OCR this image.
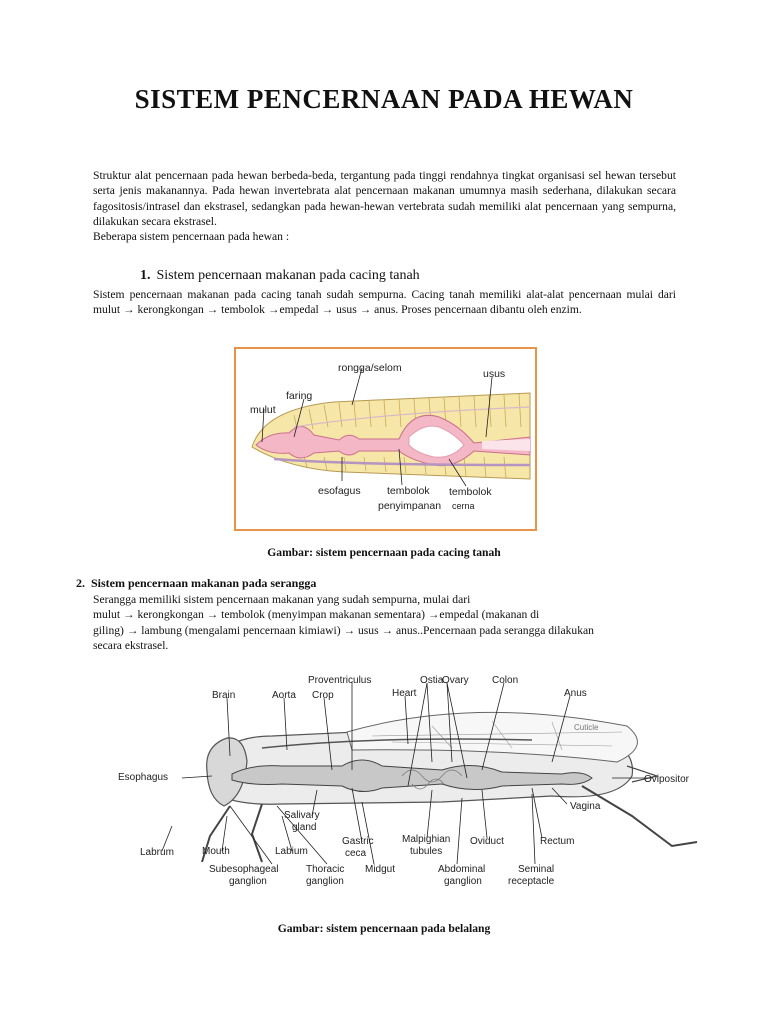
SISTEM PENCERNAAN PADA HEWAN
Struktur alat pencernaan pada hewan berbeda-beda, tergantung pada tinggi rendahnya tingkat organisasi sel hewan tersebut serta jenis makanannya. Pada hewan invertebrata alat pencernaan makanan umumnya masih sederhana, dilakukan secara fagositosis/intrasel dan ekstrasel, sedangkan pada hewan-hewan vertebrata sudah memiliki alat pencernaan yang sempurna, dilakukan secara ekstrasel.
Beberapa sistem pencernaan pada hewan :
1. Sistem pencernaan makanan pada cacing tanah
Sistem pencernaan makanan pada cacing tanah sudah sempurna. Cacing tanah memiliki alat-alat pencernaan mulai dari mulut → kerongkongan → tembolok →empedal → usus → anus. Proses pencernaan dibantu oleh enzim.
rongga/selom	usus
faring
mulut
esofagus	tembolok
penyimpanan
tembolok
cerna
Gambar: sistem pencernaan pada cacing tanah
2. Sistem pencernaan makanan pada serangga
Serangga memiliki sistem pencernaan makanan yang sudah sempurna, mulai dari
mulut → kerongkongan → tembolok (menyimpan makanan sementara) →empedal (makanan di
giling) → lambung (mengalami pencernaan kimiawi) → usus → anus..Pencernaan pada serangga dilakukan
secara ekstrasel.
Proventriculus	Ostia
Ovary Colon
Brain	Aorta Crop	Heart	Anus
Cuticle
Esophagus	Ovipositor
Vagina
Salivary
gland
Labrum	Mouth	Labium
Gastric
ceca
Malpighian
tubules
Oviduct	Rectum
Subesophageal
ganglion
Thoracic
ganglion
Midgut	Abdominal
ganglion
Seminal
receptacle
Gambar: sistem pencernaan pada belalang
